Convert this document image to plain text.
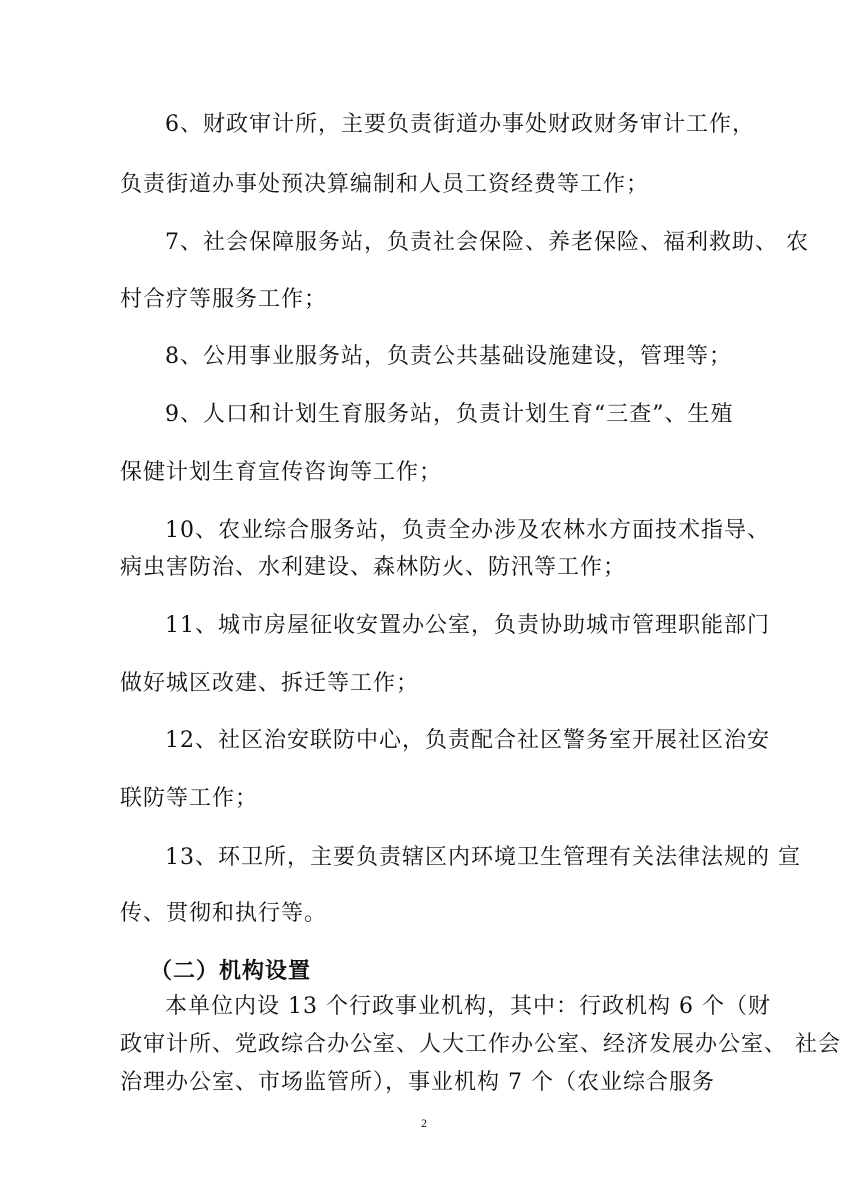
6、财政审计所，主要负责街道办事处财政财务审计工作，
负责街道办事处预决算编制和人员工资经费等工作；
7、社会保障服务站，负责社会保险、养老保险、福利救助、 农
村合疗等服务工作；
8、公用事业服务站，负责公共基础设施建设，管理等；
9、人口和计划生育服务站，负责计划生育“三查”、生殖
保健计划生育宣传咨询等工作；
10、农业综合服务站，负责全办涉及农林水方面技术指导、
病虫害防治、水利建设、森林防火、防汛等工作；
11、城市房屋征收安置办公室，负责协助城市管理职能部门
做好城区改建、拆迁等工作；
12、社区治安联防中心，负责配合社区警务室开展社区治安
联防等工作；
13、环卫所，主要负责辖区内环境卫生管理有关法律法规的 宣
传、贯彻和执行等。
（二）机构设置
本单位内设 13 个行政事业机构，其中：行政机构 6 个（财
政审计所、党政综合办公室、人大工作办公室、经济发展办公室、 社会
治理办公室、市场监管所），事业机构 7 个（农业综合服务
2
